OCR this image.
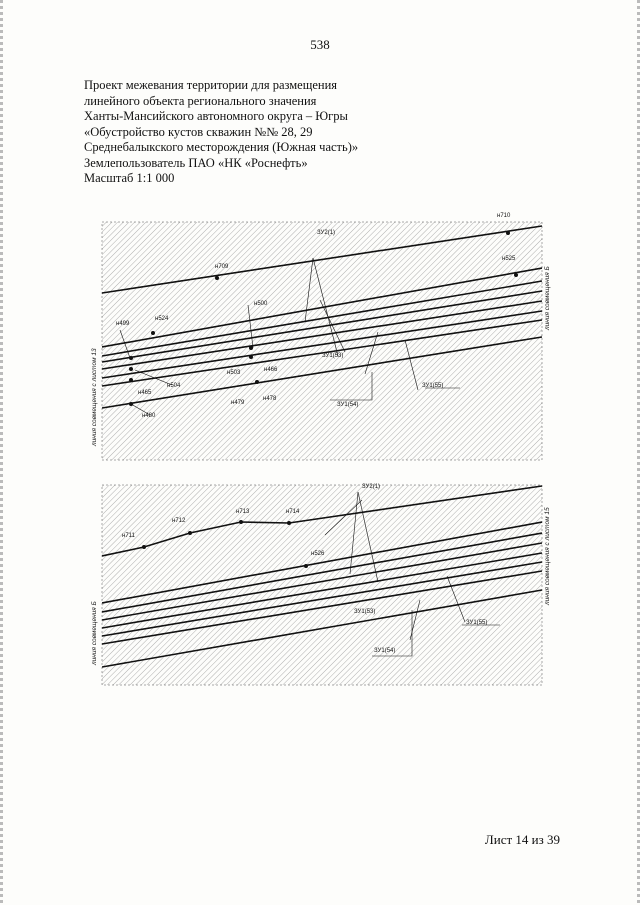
538
Проект межевания территории для размещения
линейного объекта регионального значения
Ханты-Мансийского автономного округа – Югры
«Обустройство кустов скважин №№ 28, 29
Среднебалыкского месторождения (Южная часть)»
Землепользователь ПАО «НК «Роснефть»
Масштаб 1:1 000
н710
н709
н525
н500
н499
н524
н466
н503
н504
н465
н479
н478
н480
ЗУ2(1)
ЗУ1(53)
ЗУ1(54)
ЗУ1(55)
линия совмещения с листом 13
линия совмещения Б
н711
н712
н713	н714
н526
ЗУ2(1)
ЗУ1(53)
ЗУ1(54)
ЗУ1(55)
линия совмещения Б
линия совмещения с листом 15
Лист 14 из 39
